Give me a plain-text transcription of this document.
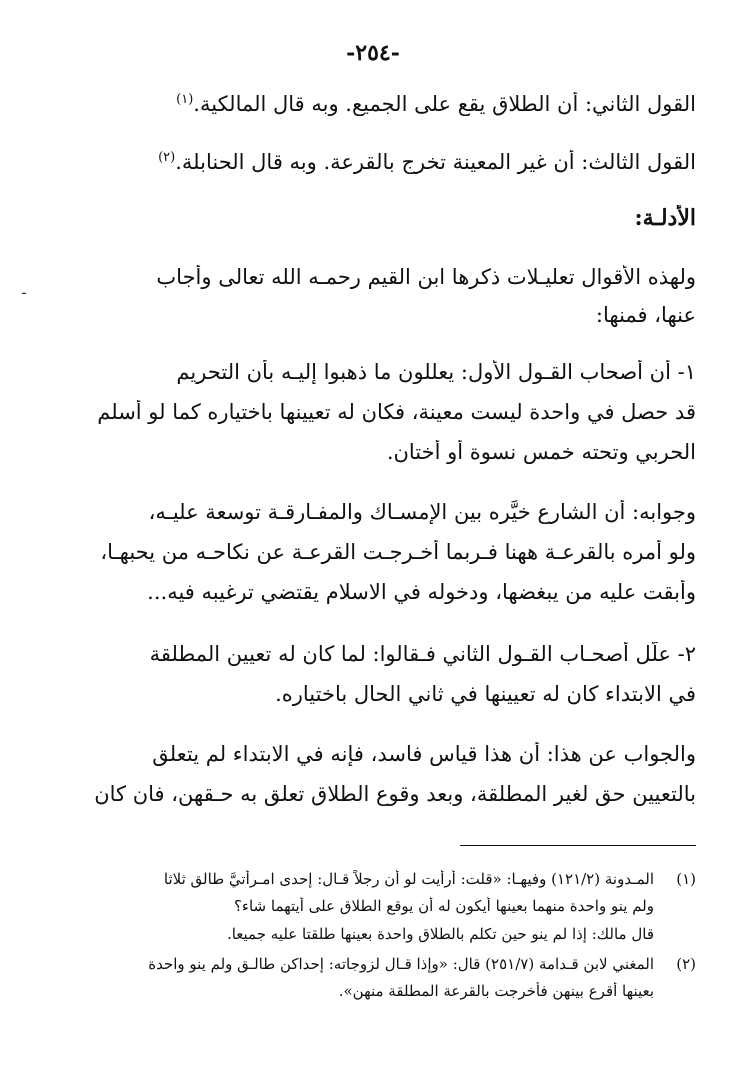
-٢٥٤-
القول الثاني: أن الطلاق يقع على الجميع. وبه قال المالكية.$^{(١)}$
القول الثالث: أن غير المعينة تخرج بالقرعة. وبه قال الحنابلة.$^{(٢)}$
الأدلـة:
ولهذه الأقوال تعليـلات ذكرها ابن القيم رحمـه الله تعالى وأجاب
عنها، فمنها:
١- أن أصحاب القـول الأول: يعللون ما ذهبوا إليـه بأن التحريم
قد حصل في واحدة ليست معينة، فكان له تعيينها باختياره كما لو أسلم
الحربي وتحته خمس نسوة أو أختان.
وجوابه: أن الشارع خيَّره بين الإمسـاك والمفـارقـة توسعة عليـه،
ولو أمره بالقرعـة ههنا فـربما أخـرجـت القرعـة عن نكاحـه من يحبهـا،
وأبقت عليه من يبغضها، ودخوله في الاسلام يقتضي ترغيبه فيه...
٢- علّل أصحـاب القـول الثاني فـقالوا: لما كان له تعيين المطلقة
في الابتداء كان له تعيينها في ثاني الحال باختياره.
والجواب عن هذا: أن هذا قياس فاسد، فإنه في الابتداء لم يتعلق
بالتعيين حق لغير المطلقة، وبعد وقوع الطلاق تعلق به حـقهن، فان كان
ـ
(١)المـدونة (١٢١/٢) وفيهـا: «قلت: أرأيت لو أن رجلاً قـال: إحدى امـرأتيَّ طالق ثلاثا
ولم ينو واحدة منهما بعينها أيكون له أن يوقع الطلاق على أيتهما شاء؟
قال مالك: إذا لم ينو حين تكلم بالطلاق واحدة بعينها طلقتا عليه جميعا.
(٢)المغني لابن قـدامة (٢٥١/٧) قال: «وإذا قـال لزوجاته: إحداكن طالـق ولم ينو واحدة
بعينها أقرع بينهن فأخرجت بالقرعة المطلقة منهن».
